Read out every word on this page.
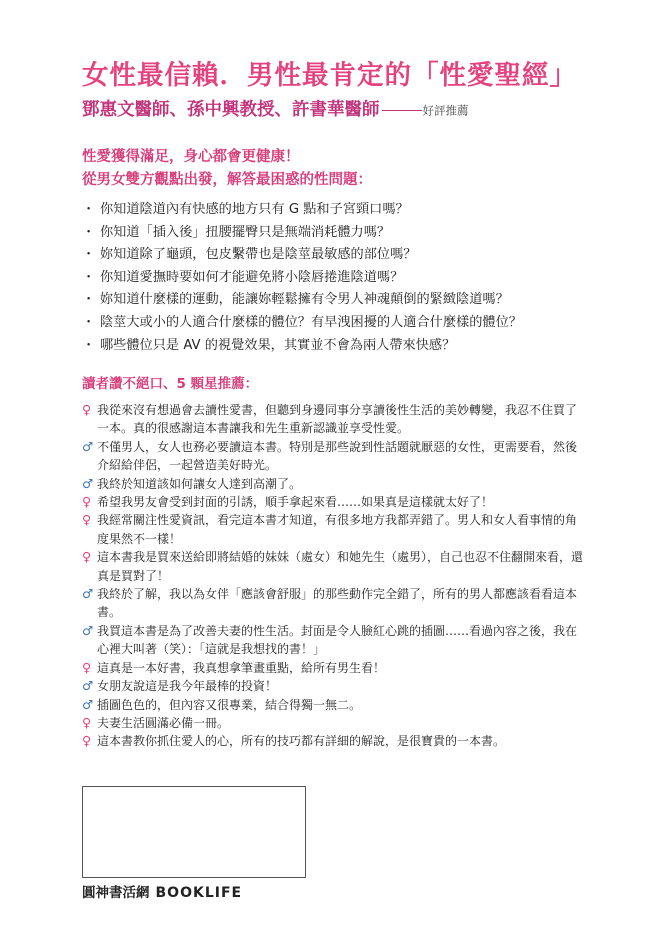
女性最信賴．男性最肯定的「性愛聖經」
鄧惠文醫師、孫中興教授、許書華醫師	好評推薦
性愛獲得滿足，身心都會更健康！
從男女雙方觀點出發，解答最困惑的性問題：
・ 你知道陰道內有快感的地方只有 G 點和子宮頸口嗎？
・ 你知道「插入後」扭腰擺臀只是無端消耗體力嗎？
・ 妳知道除了龜頭，包皮繫帶也是陰莖最敏感的部位嗎？
・ 你知道愛撫時要如何才能避免將小陰唇捲進陰道嗎？
・ 妳知道什麼樣的運動，能讓妳輕鬆擁有令男人神魂顛倒的緊緻陰道嗎？
・ 陰莖大或小的人適合什麼樣的體位？有早洩困擾的人適合什麼樣的體位？
・ 哪些體位只是 AV 的視覺效果，其實並不會為兩人帶來快感？
讀者讚不絕口、5 顆星推薦：
♀ 我從來沒有想過會去讀性愛書，但聽到身邊同事分享讀後性生活的美妙轉變，我忍不住買了一本。真的很感謝這本書讓我和先生重新認識並享受性愛。
♂ 不僅男人，女人也務必要讀這本書。特別是那些說到性話題就厭惡的女性，更需要看，然後介紹給伴侶，一起營造美好時光。
♂ 我終於知道該如何讓女人達到高潮了。
♀ 希望我男友會受到封面的引誘，順手拿起來看……如果真是這樣就太好了！
♀ 我經常關注性愛資訊，看完這本書才知道，有很多地方我都弄錯了。男人和女人看事情的角度果然不一樣！
♀ 這本書我是買來送給即將結婚的妹妹（處女）和她先生（處男），自己也忍不住翻開來看，還真是買對了！
♂ 我終於了解，我以為女伴「應該會舒服」的那些動作完全錯了，所有的男人都應該看看這本書。
♂ 我買這本書是為了改善夫妻的性生活。封面是令人臉紅心跳的插圖……看過內容之後，我在心裡大叫著（笑）：「這就是我想找的書！」
♀ 這真是一本好書，我真想拿筆畫重點，給所有男生看！
♂ 女朋友說這是我今年最棒的投資！
♂ 插圖色色的，但內容又很專業，結合得獨一無二。
♀ 夫妻生活圓滿必備一冊。
♀ 這本書教你抓住愛人的心，所有的技巧都有詳細的解說，是很寶貴的一本書。
圓神書活網 BOOKLIFE
